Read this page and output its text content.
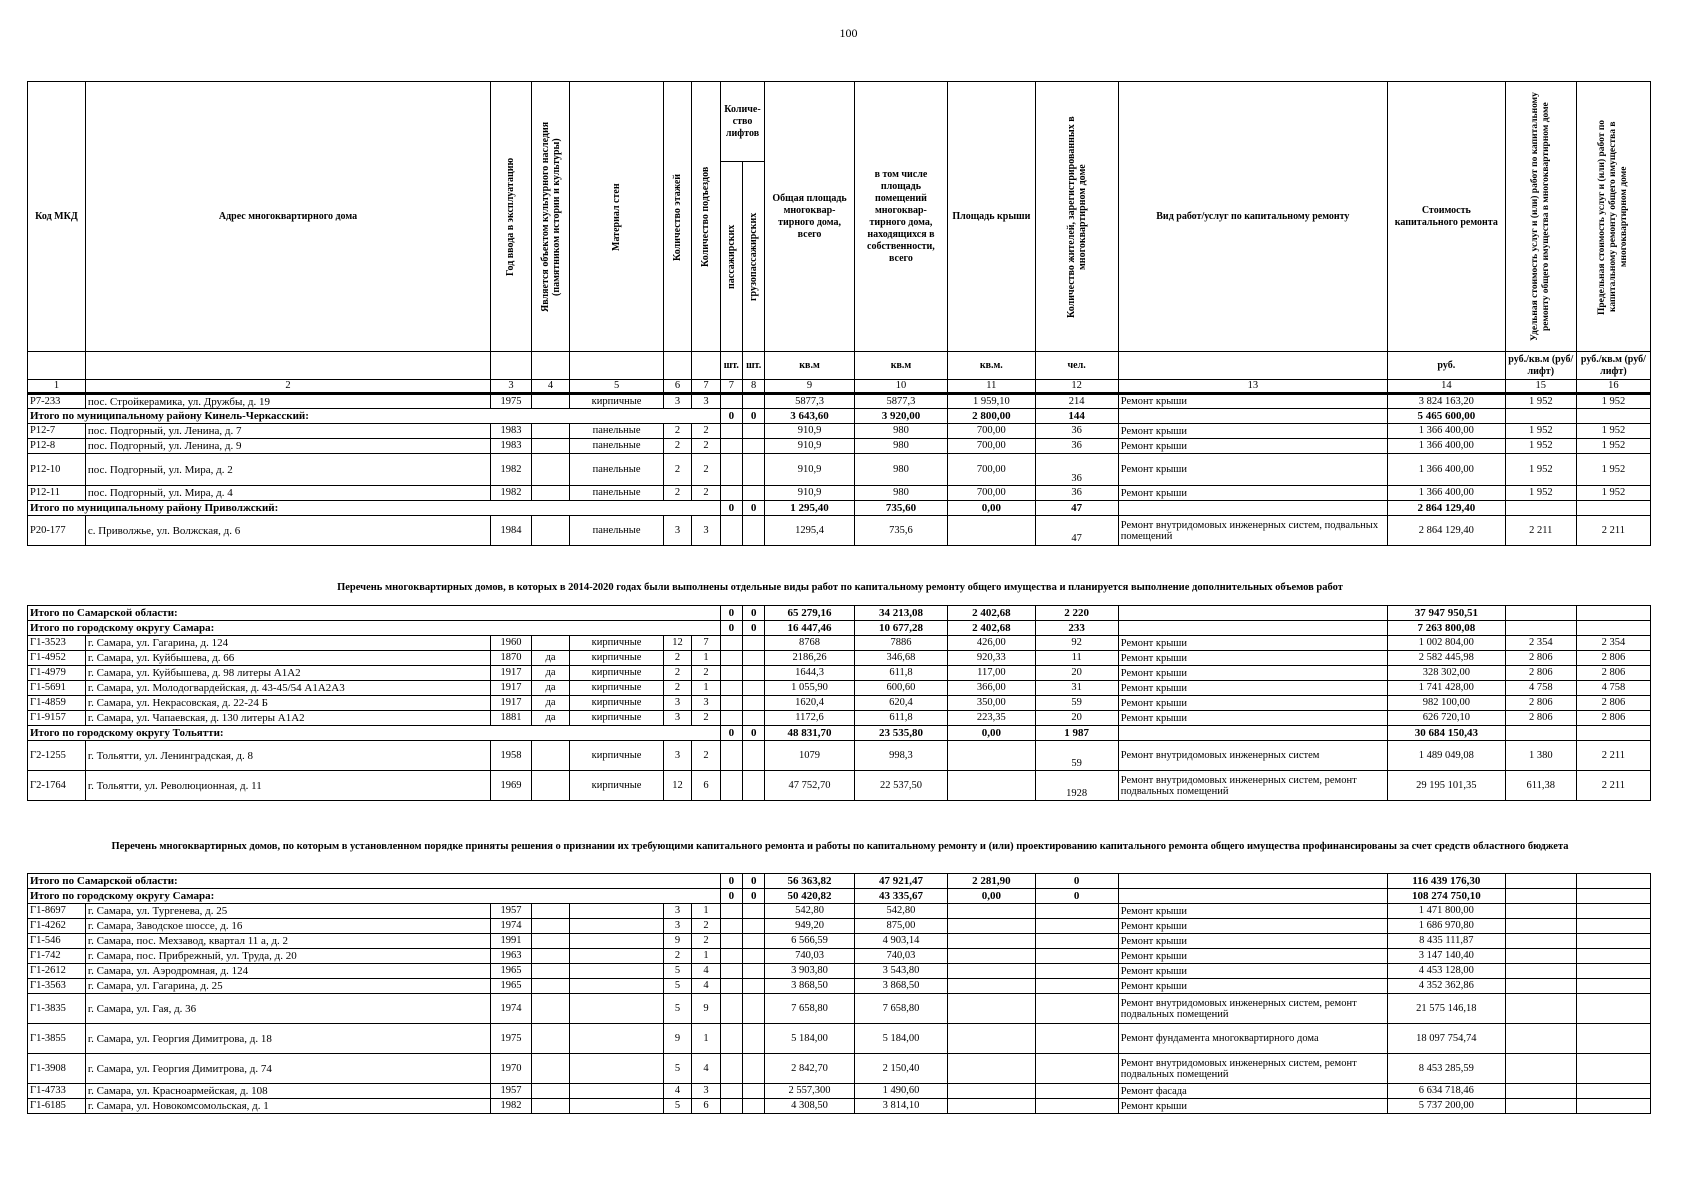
100
Код МКД	Адрес многоквартирного дома	Год ввода в эксплуатацию	Является объектом культурного наследия (памятником истории и культуры)	Материал стен	Количество этажей	Количество подъездов	Количе- ство лифтов		Общая площадь многоквар- тирного дома, всего	в том числе площадь помещений многоквар- тирного дома, находящихся в собственности, всего	Площадь крыши	Количество жителей, зарегистрированных в многоквартирном доме	Вид работ/услуг по капитальному ремонту	Стоимость капитального ремонта	Удельная стоимость услуг и (или) работ по капитальному ремонту общего имущества в многоквартирном доме	Предельная стоимость услуг и (или) работ по капитальному ремонту общего имущества в многоквартирном доме

							пассажирских	грузопассажирских								

							шт.	шт.	кв.м	кв.м	кв.м.	чел.		руб.	руб./кв.м (руб/лифт)	руб./кв.м (руб/лифт)
1	2	3	4	5	6	7	7	8	9	10	11	12	13	14	15	16
Р7-233	пос. Стройкерамика, ул. Дружбы, д. 19	1975		кирпичные	3	3			5877,3	5877,3	1 959,10	214	Ремонт крыши	3 824 163,20	1 952	1 952
Итого по муниципальному району Кинель-Черкасский:							0	0	3 643,60	3 920,00	2 800,00	144		5 465 600,00		
Р12-7	пос. Подгорный, ул. Ленина, д. 7	1983		панельные	2	2			910,9	980	700,00	36	Ремонт крыши	1 366 400,00	1 952	1 952
Р12-8	пос. Подгорный, ул. Ленина, д. 9	1983		панельные	2	2			910,9	980	700,00	36	Ремонт крыши	1 366 400,00	1 952	1 952
Р12-10	пос. Подгорный, ул. Мира, д. 2	1982		панельные	2	2			910,9	980	700,00	36	Ремонт крыши	1 366 400,00	1 952	1 952
Р12-11	пос. Подгорный, ул. Мира, д. 4	1982		панельные	2	2			910,9	980	700,00	36	Ремонт крыши	1 366 400,00	1 952	1 952
Итого по муниципальному району Приволжский:							0	0	1 295,40	735,60	0,00	47		2 864 129,40		
Р20-177	с. Приволжье, ул. Волжская, д. 6	1984		панельные	3	3			1295,4	735,6		47	Ремонт внутридомовых инженерных систем, подвальных помещений	2 864 129,40	2 211	2 211
Перечень многоквартирных домов, в которых в 2014-2020 годах были выполнены отдельные виды работ по капитальному ремонту общего имущества и планируется выполнение дополнительных объемов работ
Итого по Самарской области:							0	0	65 279,16	34 213,08	2 402,68	2 220		37 947 950,51		
Итого по городскому округу Самара:							0	0	16 447,46	10 677,28	2 402,68	233		7 263 800,08		
Г1-3523	г. Самара, ул. Гагарина, д. 124	1960		кирпичные	12	7			8768	7886	426,00	92	Ремонт крыши	1 002 804,00	2 354	2 354
Г1-4952	г. Самара, ул. Куйбышева, д. 66	1870	да	кирпичные	2	1			2186,26	346,68	920,33	11	Ремонт крыши	2 582 445,98	2 806	2 806
Г1-4979	г. Самара, ул. Куйбышева, д. 98 литеры А1А2	1917	да	кирпичные	2	2			1644,3	611,8	117,00	20	Ремонт крыши	328 302,00	2 806	2 806
Г1-5691	г. Самара, ул. Молодогвардейская, д. 43-45/54 А1А2А3	1917	да	кирпичные	2	1			1 055,90	600,60	366,00	31	Ремонт крыши	1 741 428,00	4 758	4 758
Г1-4859	г. Самара, ул. Некрасовская, д. 22-24 Б	1917	да	кирпичные	3	3			1620,4	620,4	350,00	59	Ремонт крыши	982 100,00	2 806	2 806
Г1-9157	г. Самара, ул. Чапаевская, д. 130 литеры А1А2	1881	да	кирпичные	3	2			1172,6	611,8	223,35	20	Ремонт крыши	626 720,10	2 806	2 806
Итого по городскому округу Тольятти:							0	0	48 831,70	23 535,80	0,00	1 987		30 684 150,43		
Г2-1255	г. Тольятти, ул. Ленинградская, д. 8	1958		кирпичные	3	2			1079	998,3		59	Ремонт внутридомовых инженерных систем	1 489 049,08	1 380	2 211
Г2-1764	г. Тольятти, ул. Революционная, д. 11	1969		кирпичные	12	6			47 752,70	22 537,50		1928	Ремонт внутридомовых инженерных систем, ремонт подвальных помещений	29 195 101,35	611,38	2 211
Перечень многоквартирных домов, по которым в установленном порядке приняты решения о признании их требующими капитального ремонта и работы по капитальному ремонту и (или) проектированию капитального ремонта общего имущества профинансированы за счет средств областного бюджета
Итого по Самарской области:							0	0	56 363,82	47 921,47	2 281,90	0		116 439 176,30		
Итого по городскому округу Самара:							0	0	50 420,82	43 335,67	0,00	0		108 274 750,10		
Г1-8697	г. Самара, ул. Тургенева, д. 25	1957			3	1			542,80	542,80			Ремонт крыши	1 471 800,00		
Г1-4262	г. Самара, Заводское шоссе, д. 16	1974			3	2			949,20	875,00			Ремонт крыши	1 686 970,80		
Г1-546	г. Самара, пос. Мехзавод, квартал 11 а, д. 2	1991			9	2			6 566,59	4 903,14			Ремонт крыши	8 435 111,87		
Г1-742	г. Самара, пос. Прибрежный, ул. Труда, д. 20	1963			2	1			740,03	740,03			Ремонт крыши	3 147 140,40		
Г1-2612	г. Самара, ул. Аэродромная, д. 124	1965			5	4			3 903,80	3 543,80			Ремонт крыши	4 453 128,00		
Г1-3563	г. Самара, ул. Гагарина, д. 25	1965			5	4			3 868,50	3 868,50			Ремонт крыши	4 352 362,86		
Г1-3835	г. Самара, ул. Гая, д. 36	1974			5	9			7 658,80	7 658,80			Ремонт внутридомовых инженерных систем, ремонт подвальных помещений	21 575 146,18		
Г1-3855	г. Самара, ул. Георгия Димитрова, д. 18	1975			9	1			5 184,00	5 184,00			Ремонт фундамента многоквартирного дома	18 097 754,74		
Г1-3908	г. Самара, ул. Георгия Димитрова, д. 74	1970			5	4			2 842,70	2 150,40			Ремонт внутридомовых инженерных систем, ремонт подвальных помещений	8 453 285,59		
Г1-4733	г. Самара, ул. Красноармейская, д. 108	1957			4	3			2 557,300	1 490,60			Ремонт фасада	6 634 718,46		
Г1-6185	г. Самара, ул. Новокомсомольская, д. 1	1982			5	6			4 308,50	3 814,10			Ремонт крыши	5 737 200,00		
